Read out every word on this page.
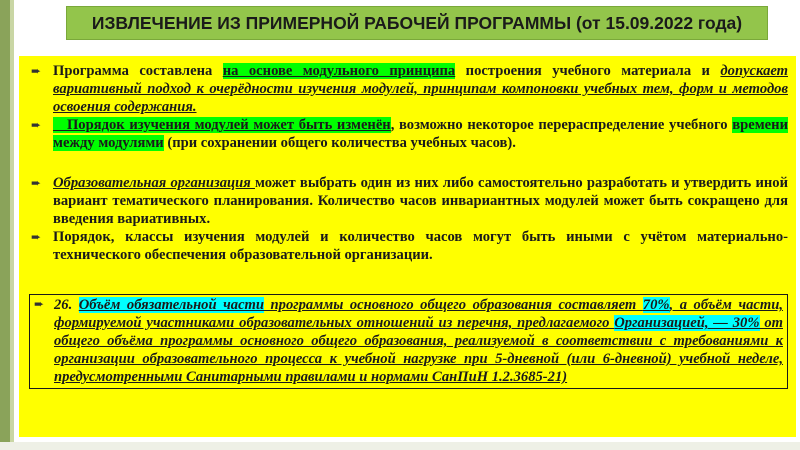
ИЗВЛЕЧЕНИЕ ИЗ ПРИМЕРНОЙ РАБОЧЕЙ ПРОГРАММЫ (от 15.09.2022 года)
➨ Программа составлена на основе модульного принципа построения учебного материала и допускает вариативный подход к очерёдности изучения модулей, принципам компоновки учебных тем, форм и методов освоения содержания.
➨ Порядок изучения модулей может быть изменён, возможно некоторое перераспределение учебного времени между модулями (при сохранении общего количества учебных часов).
➨ Образовательная организация может выбрать один из них либо самостоятельно разработать и утвердить иной вариант тематического планирования. Количество часов инвариантных модулей может быть сокращено для введения вариативных.
➨ Порядок, классы изучения модулей и количество часов могут быть иными с учётом материально-технического обеспечения образовательной организации.
➨ 26. Объём обязательной части программы основного общего образования составляет 70%, а объём части, формируемой участниками образовательных отношений из перечня, предлагаемого Организацией, — 30% от общего объёма программы основного общего образования, реализуемой в соответствии с требованиями к организации образовательного процесса к учебной нагрузке при 5-дневной (или 6-дневной) учебной неделе, предусмотренными Санитарными правилами и нормами СанПиН 1.2.3685-21)
